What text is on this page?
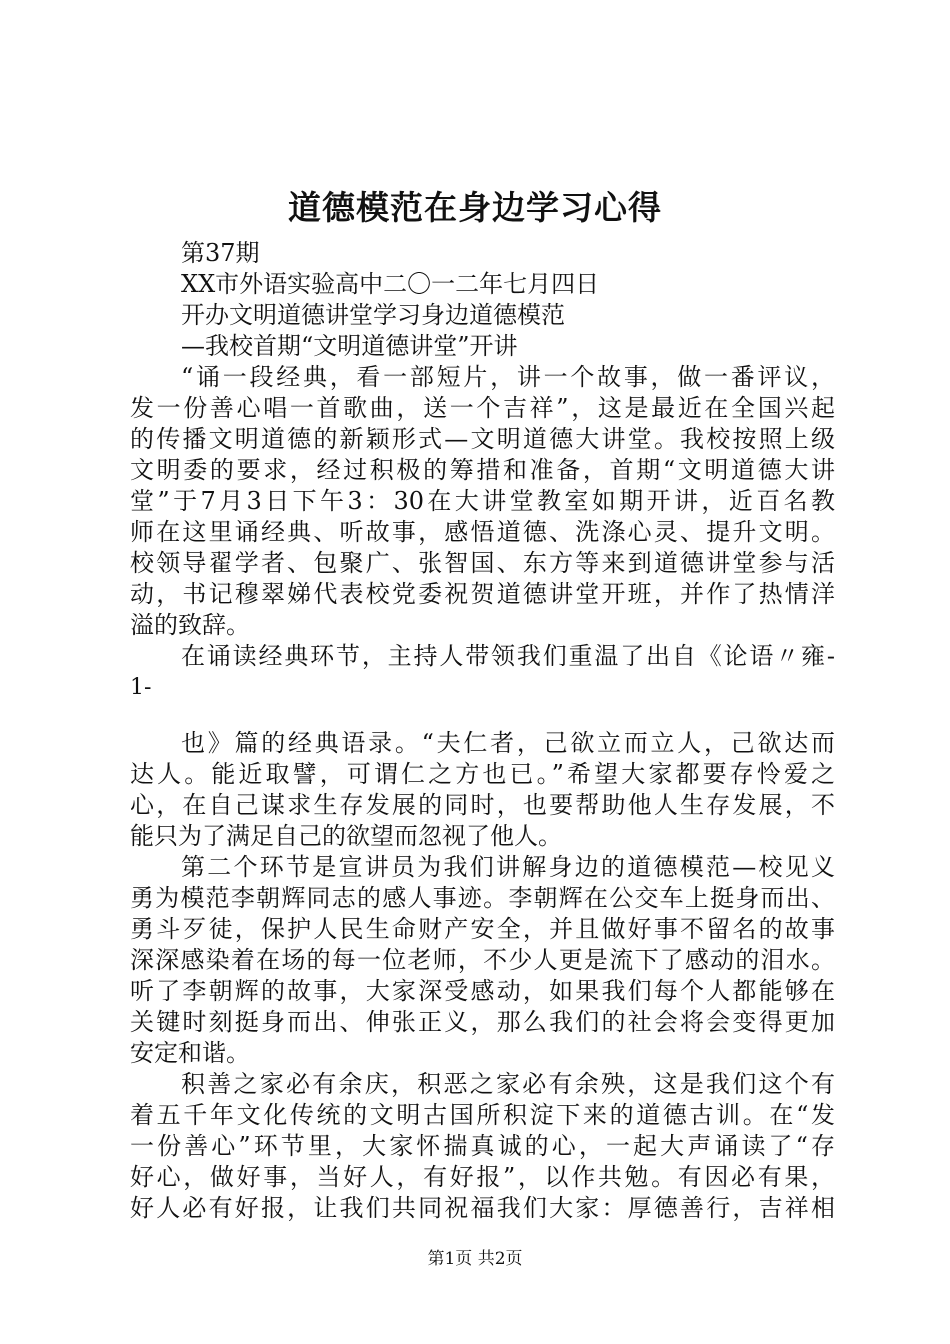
道德模范在身边学习心得
第37期
XX市外语实验高中二〇一二年七月四日
开办文明道德讲堂学习身边道德模范
—我校首期“文明道德讲堂”开讲
“诵一段经典，看一部短片，讲一个故事，做一番评议，
发一份善心唱一首歌曲，送一个吉祥”，这是最近在全国兴起
的传播文明道德的新颖形式—文明道德大讲堂。我校按照上级
文明委的要求，经过积极的筹措和准备，首期“文明道德大讲
堂”于7月3日下午3：30在大讲堂教室如期开讲，近百名教
师在这里诵经典、听故事，感悟道德、洗涤心灵、提升文明。
校领导翟学者、包聚广、张智国、东方等来到道德讲堂参与活
动，书记穆翠娣代表校党委祝贺道德讲堂开班，并作了热情洋
溢的致辞。
在诵读经典环节，主持人带领我们重温了出自《论语〃雍-
1-
也》篇的经典语录。“夫仁者，己欲立而立人，己欲达而
达人。能近取譬，可谓仁之方也已。”希望大家都要存怜爱之
心，在自己谋求生存发展的同时，也要帮助他人生存发展，不
能只为了满足自己的欲望而忽视了他人。
第二个环节是宣讲员为我们讲解身边的道德模范—校见义
勇为模范李朝辉同志的感人事迹。李朝辉在公交车上挺身而出、
勇斗歹徒，保护人民生命财产安全，并且做好事不留名的故事
深深感染着在场的每一位老师，不少人更是流下了感动的泪水。
听了李朝辉的故事，大家深受感动，如果我们每个人都能够在
关键时刻挺身而出、伸张正义，那么我们的社会将会变得更加
安定和谐。
积善之家必有余庆，积恶之家必有余殃，这是我们这个有
着五千年文化传统的文明古国所积淀下来的道德古训。在“发
一份善心”环节里，大家怀揣真诚的心，一起大声诵读了“存
好心，做好事，当好人，有好报”，以作共勉。有因必有果，
好人必有好报，让我们共同祝福我们大家：厚德善行，吉祥相
第1页 共2页
